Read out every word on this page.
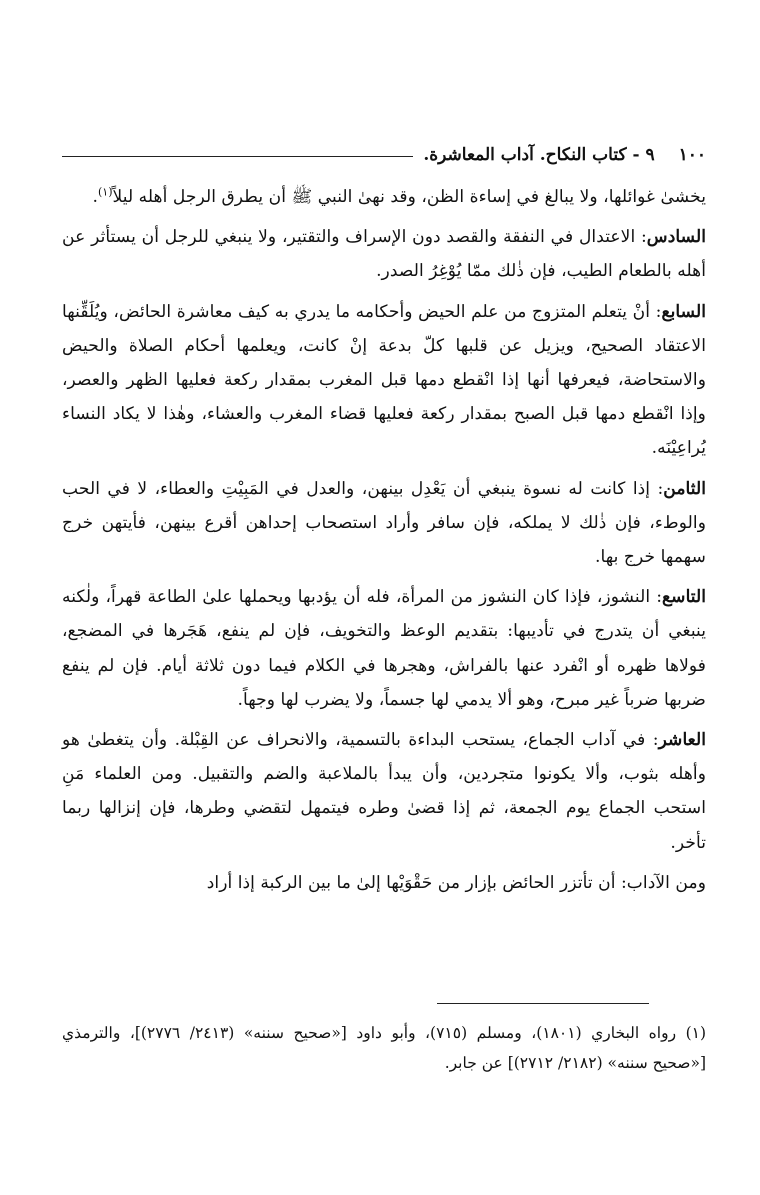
١٠٠
٩ - كتاب النكاح. آداب المعاشرة.

يخشىٰ غوائلها، ولا يبالغ في إساءة الظن، وقد نهىٰ النبي ﷺ أن يطرق الرجل أهله ليلاً$^{(١)}$.

السادس: الاعتدال في النفقة والقصد دون الإسراف والتقتير، ولا ينبغي للرجل أن يستأثر عن أهله بالطعام الطيب، فإن ذٰلك ممّا يُوْغِرُ الصدر.

السابع: أنْ يتعلم المتزوج من علم الحيض وأحكامه ما يدري به كيف معاشرة الحائض، ويُلَقِّنها الاعتقاد الصحيح، ويزيل عن قلبها كلّ بدعة إنْ كانت، ويعلمها أحكام الصلاة والحيض والاستحاضة، فيعرفها أنها إذا انْقطع دمها قبل المغرب بمقدار ركعة فعليها الظهر والعصر، وإذا انْقطع دمها قبل الصبح بمقدار ركعة فعليها قضاء المغرب والعشاء، وهٰذا لا يكاد النساء يُراعِيْنَه.

الثامن: إذا كانت له نسوة ينبغي أن يَعْدِل بينهن، والعدل في المَبِيْتِ والعطاء، لا في الحب والوطء، فإن ذٰلك لا يملكه، فإن سافر وأراد استصحاب إحداهن أقرع بينهن، فأيتهن خرج سهمها خرج بها.

التاسع: النشوز، فإذا كان النشوز من المرأة، فله أن يؤدبها ويحملها علىٰ الطاعة قهراً، ولٰكنه ينبغي أن يتدرج في تأديبها: بتقديم الوعظ والتخويف، فإن لم ينفع، هَجَرها في المضجع، فولاها ظهره أو انْفرد عنها بالفراش، وهجرها في الكلام فيما دون ثلاثة أيام. فإن لم ينفع ضربها ضرباً غير مبرح، وهو ألا يدمي لها جسماً، ولا يضرب لها وجهاً.

العاشر: في آداب الجماع، يستحب البداءة بالتسمية، والانحراف عن القِبْلة. وأن يتغطىٰ هو وأهله بثوب، وألا يكونوا متجردين، وأن يبدأ بالملاعبة والضم والتقبيل. ومن العلماء مَنِ استحب الجماع يوم الجمعة، ثم إذا قضىٰ وطره فيتمهل لتقضي وطرها، فإن إنزالها ربما تأخر.

ومن الآداب: أن تأتزر الحائض بإزار من حَقْوَيْها إلىٰ ما بين الركبة إذا أراد

(١) رواه البخاري (١٨٠١)، ومسلم (٧١٥)، وأبو داود [«صحيح سننه» (٢٤١٣/ ٢٧٧٦)]، والترمذي [«صحيح سننه» (٢١٨٢/ ٢٧١٢)] عن جابر.
